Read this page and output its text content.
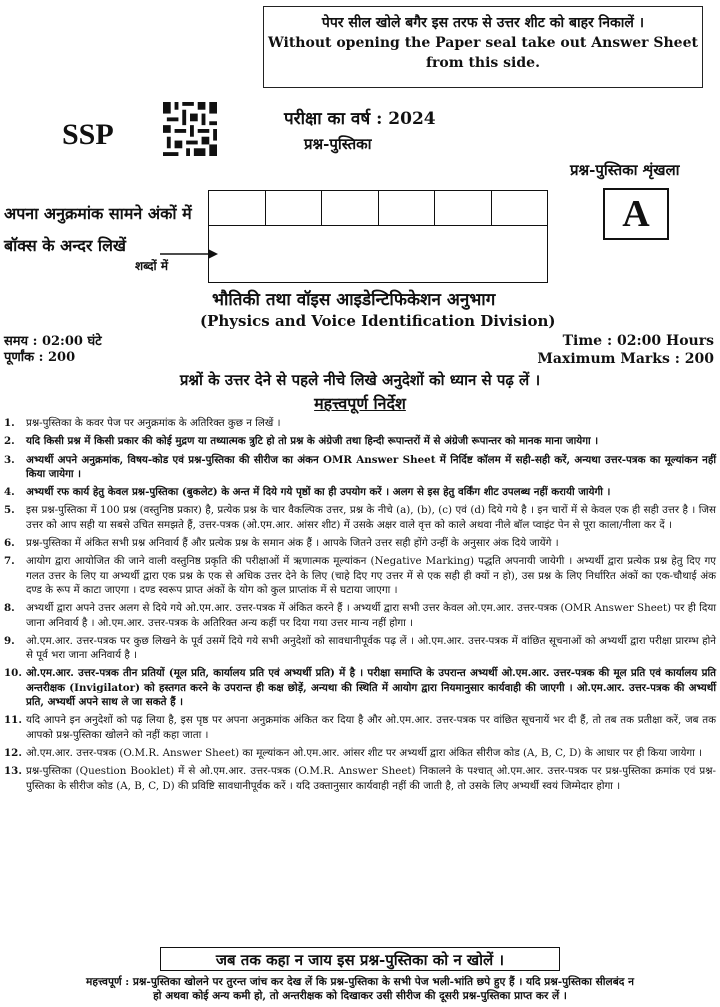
पेपर सील खोले बगैर इस तरफ से उत्तर शीट को बाहर निकालें ।
Without opening the Paper seal take out Answer Sheet
from this side.
SSP	परीक्षा का वर्ष : 2024
प्रश्न-पुस्तिका
प्रश्न-पुस्तिका शृंखला
A
अपना अनुक्रमांक सामने अंकों में
बॉक्स के अन्दर लिखें
शब्दों में
भौतिकी तथा वॉइस आइडेन्टिफिकेशन अनुभाग
(Physics and Voice Identification Division)
समय : 02:00 घंटे
पूर्णांक : 200
Time : 02:00 Hours
Maximum Marks : 200
प्रश्नों के उत्तर देने से पहले नीचे लिखे अनुदेशों को ध्यान से पढ़ लें ।
महत्त्वपूर्ण निर्देश
1.	प्रश्न-पुस्तिका के कवर पेज पर अनुक्रमांक के अतिरिक्त कुछ न लिखें ।
2.	यदि किसी प्रश्न में किसी प्रकार की कोई मुद्रण या तथ्यात्मक त्रुटि हो तो प्रश्न के अंग्रेजी तथा हिन्दी रूपान्तरों में से अंग्रेजी रूपान्तर को मानक माना जायेगा ।
3.	अभ्यर्थी अपने अनुक्रमांक, विषय-कोड एवं प्रश्न-पुस्तिका की सीरीज का अंकन OMR Answer Sheet में निर्दिष्ट कॉलम में सही-सही करें, अन्यथा उत्तर-पत्रक का मूल्यांकन नहीं किया जायेगा ।
4.	अभ्यर्थी रफ कार्य हेतु केवल प्रश्न-पुस्तिका (बुकलेट) के अन्त में दिये गये पृष्ठों का ही उपयोग करें । अलग से इस हेतु वर्किंग शीट उपलब्ध नहीं करायी जायेगी ।
5.	इस प्रश्न-पुस्तिका में 100 प्रश्न (वस्तुनिष्ठ प्रकार) है, प्रत्येक प्रश्न के चार वैकल्पिक उत्तर, प्रश्न के नीचे (a), (b), (c) एवं (d) दिये गये है । इन चारों में से केवल एक ही सही उत्तर है । जिस उत्तर को आप सही या सबसे उचित समझते हैं, उत्तर-पत्रक (ओ.एम.आर. आंसर शीट) में उसके अक्षर वाले वृत्त को काले अथवा नीले बॉल प्वाइंट पेन से पूरा काला/नीला कर दें ।
6.	प्रश्न-पुस्तिका में अंकित सभी प्रश्न अनिवार्य हैं और प्रत्येक प्रश्न के समान अंक हैं । आपके जितने उत्तर सही होंगे उन्हीं के अनुसार अंक दिये जायेंगे ।
7.	आयोग द्वारा आयोजित की जाने वाली वस्तुनिष्ठ प्रकृति की परीक्षाओं में ऋणात्मक मूल्यांकन (Negative Marking) पद्धति अपनायी जायेगी । अभ्यर्थी द्वारा प्रत्येक प्रश्न हेतु दिए गए गलत उत्तर के लिए या अभ्यर्थी द्वारा एक प्रश्न के एक से अधिक उत्तर देने के लिए (चाहे दिए गए उत्तर में से एक सही ही क्यों न हो), उस प्रश्न के लिए निर्धारित अंकों का एक-चौथाई अंक दण्ड के रूप में काटा जाएगा । दण्ड स्वरूप प्राप्त अंकों के योग को कुल प्राप्तांक में से घटाया जाएगा ।
8.	अभ्यर्थी द्वारा अपने उत्तर अलग से दिये गये ओ.एम.आर. उत्तर-पत्रक में अंकित करने हैं । अभ्यर्थी द्वारा सभी उत्तर केवल ओ.एम.आर. उत्तर-पत्रक (OMR Answer Sheet) पर ही दिया जाना अनिवार्य है । ओ.एम.आर. उत्तर-पत्रक के अतिरिक्त अन्य कहीं पर दिया गया उत्तर मान्य नहीं होगा ।
9.	ओ.एम.आर. उत्तर-पत्रक पर कुछ लिखने के पूर्व उसमें दिये गये सभी अनुदेशों को सावधानीपूर्वक पढ़ लें । ओ.एम.आर. उत्तर-पत्रक में वांछित सूचनाओं को अभ्यर्थी द्वारा परीक्षा प्रारम्भ होने से पूर्व भरा जाना अनिवार्य है ।
10. ओ.एम.आर. उत्तर-पत्रक तीन प्रतियों (मूल प्रति, कार्यालय प्रति एवं अभ्यर्थी प्रति) में है । परीक्षा समाप्ति के उपरान्त अभ्यर्थी ओ.एम.आर. उत्तर-पत्रक की मूल प्रति एवं कार्यालय प्रति अन्तरीक्षक (Invigilator) को हस्तगत करने के उपरान्त ही कक्ष छोड़ें, अन्यथा की स्थिति में आयोग द्वारा नियमानुसार कार्यवाही की जाएगी । ओ.एम.आर. उत्तर-पत्रक की अभ्यर्थी प्रति, अभ्यर्थी अपने साथ ले जा सकते हैं ।
11. यदि आपने इन अनुदेशों को पढ़ लिया है, इस पृष्ठ पर अपना अनुक्रमांक अंकित कर दिया है और ओ.एम.आर. उत्तर-पत्रक पर वांछित सूचनायें भर दी हैं, तो तब तक प्रतीक्षा करें, जब तक आपको प्रश्न-पुस्तिका खोलने को नहीं कहा जाता ।
12. ओ.एम.आर. उत्तर-पत्रक (O.M.R. Answer Sheet) का मूल्यांकन ओ.एम.आर. आंसर शीट पर अभ्यर्थी द्वारा अंकित सीरीज कोड (A, B, C, D) के आधार पर ही किया जायेगा ।
13. प्रश्न-पुस्तिका (Question Booklet) में से ओ.एम.आर. उत्तर-पत्रक (O.M.R. Answer Sheet) निकालने के पश्चात् ओ.एम.आर. उत्तर-पत्रक पर प्रश्न-पुस्तिका क्रमांक एवं प्रश्न-पुस्तिका के सीरीज कोड (A, B, C, D) की प्रविष्टि सावधानीपूर्वक करें । यदि उक्तानुसार कार्यवाही नहीं की जाती है, तो उसके लिए अभ्यर्थी स्वयं जिम्मेदार होगा ।
जब तक कहा न जाय इस प्रश्न-पुस्तिका को न खोलें ।
महत्त्वपूर्ण : प्रश्न-पुस्तिका खोलने पर तुरन्त जांच कर देख लें कि प्रश्न-पुस्तिका के सभी पेज भली-भांति छपे हुए हैं । यदि प्रश्न-पुस्तिका सीलबंद न
हो अथवा कोई अन्य कमी हो, तो अन्तरीक्षक को दिखाकर उसी सीरीज की दूसरी प्रश्न-पुस्तिका प्राप्त कर लें ।
